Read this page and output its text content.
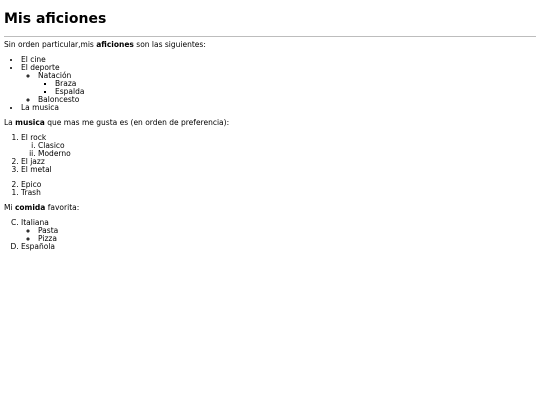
Mis aficiones

Sin orden particular,mis aficiones son las siguientes:

• El cine
• El deporte
◦ Natación
▪ Braza
▪ Espalda
◦ Baloncesto
• La musica

La musica que mas me gusta es (en orden de preferencia):

1. El rock
i. Clasico
ii. Moderno
2. El jazz
3. El metal
2. Epico
1. Trash

Mi comida favorita:

C. Italiana
◦ Pasta
◦ Pizza
D. Española
